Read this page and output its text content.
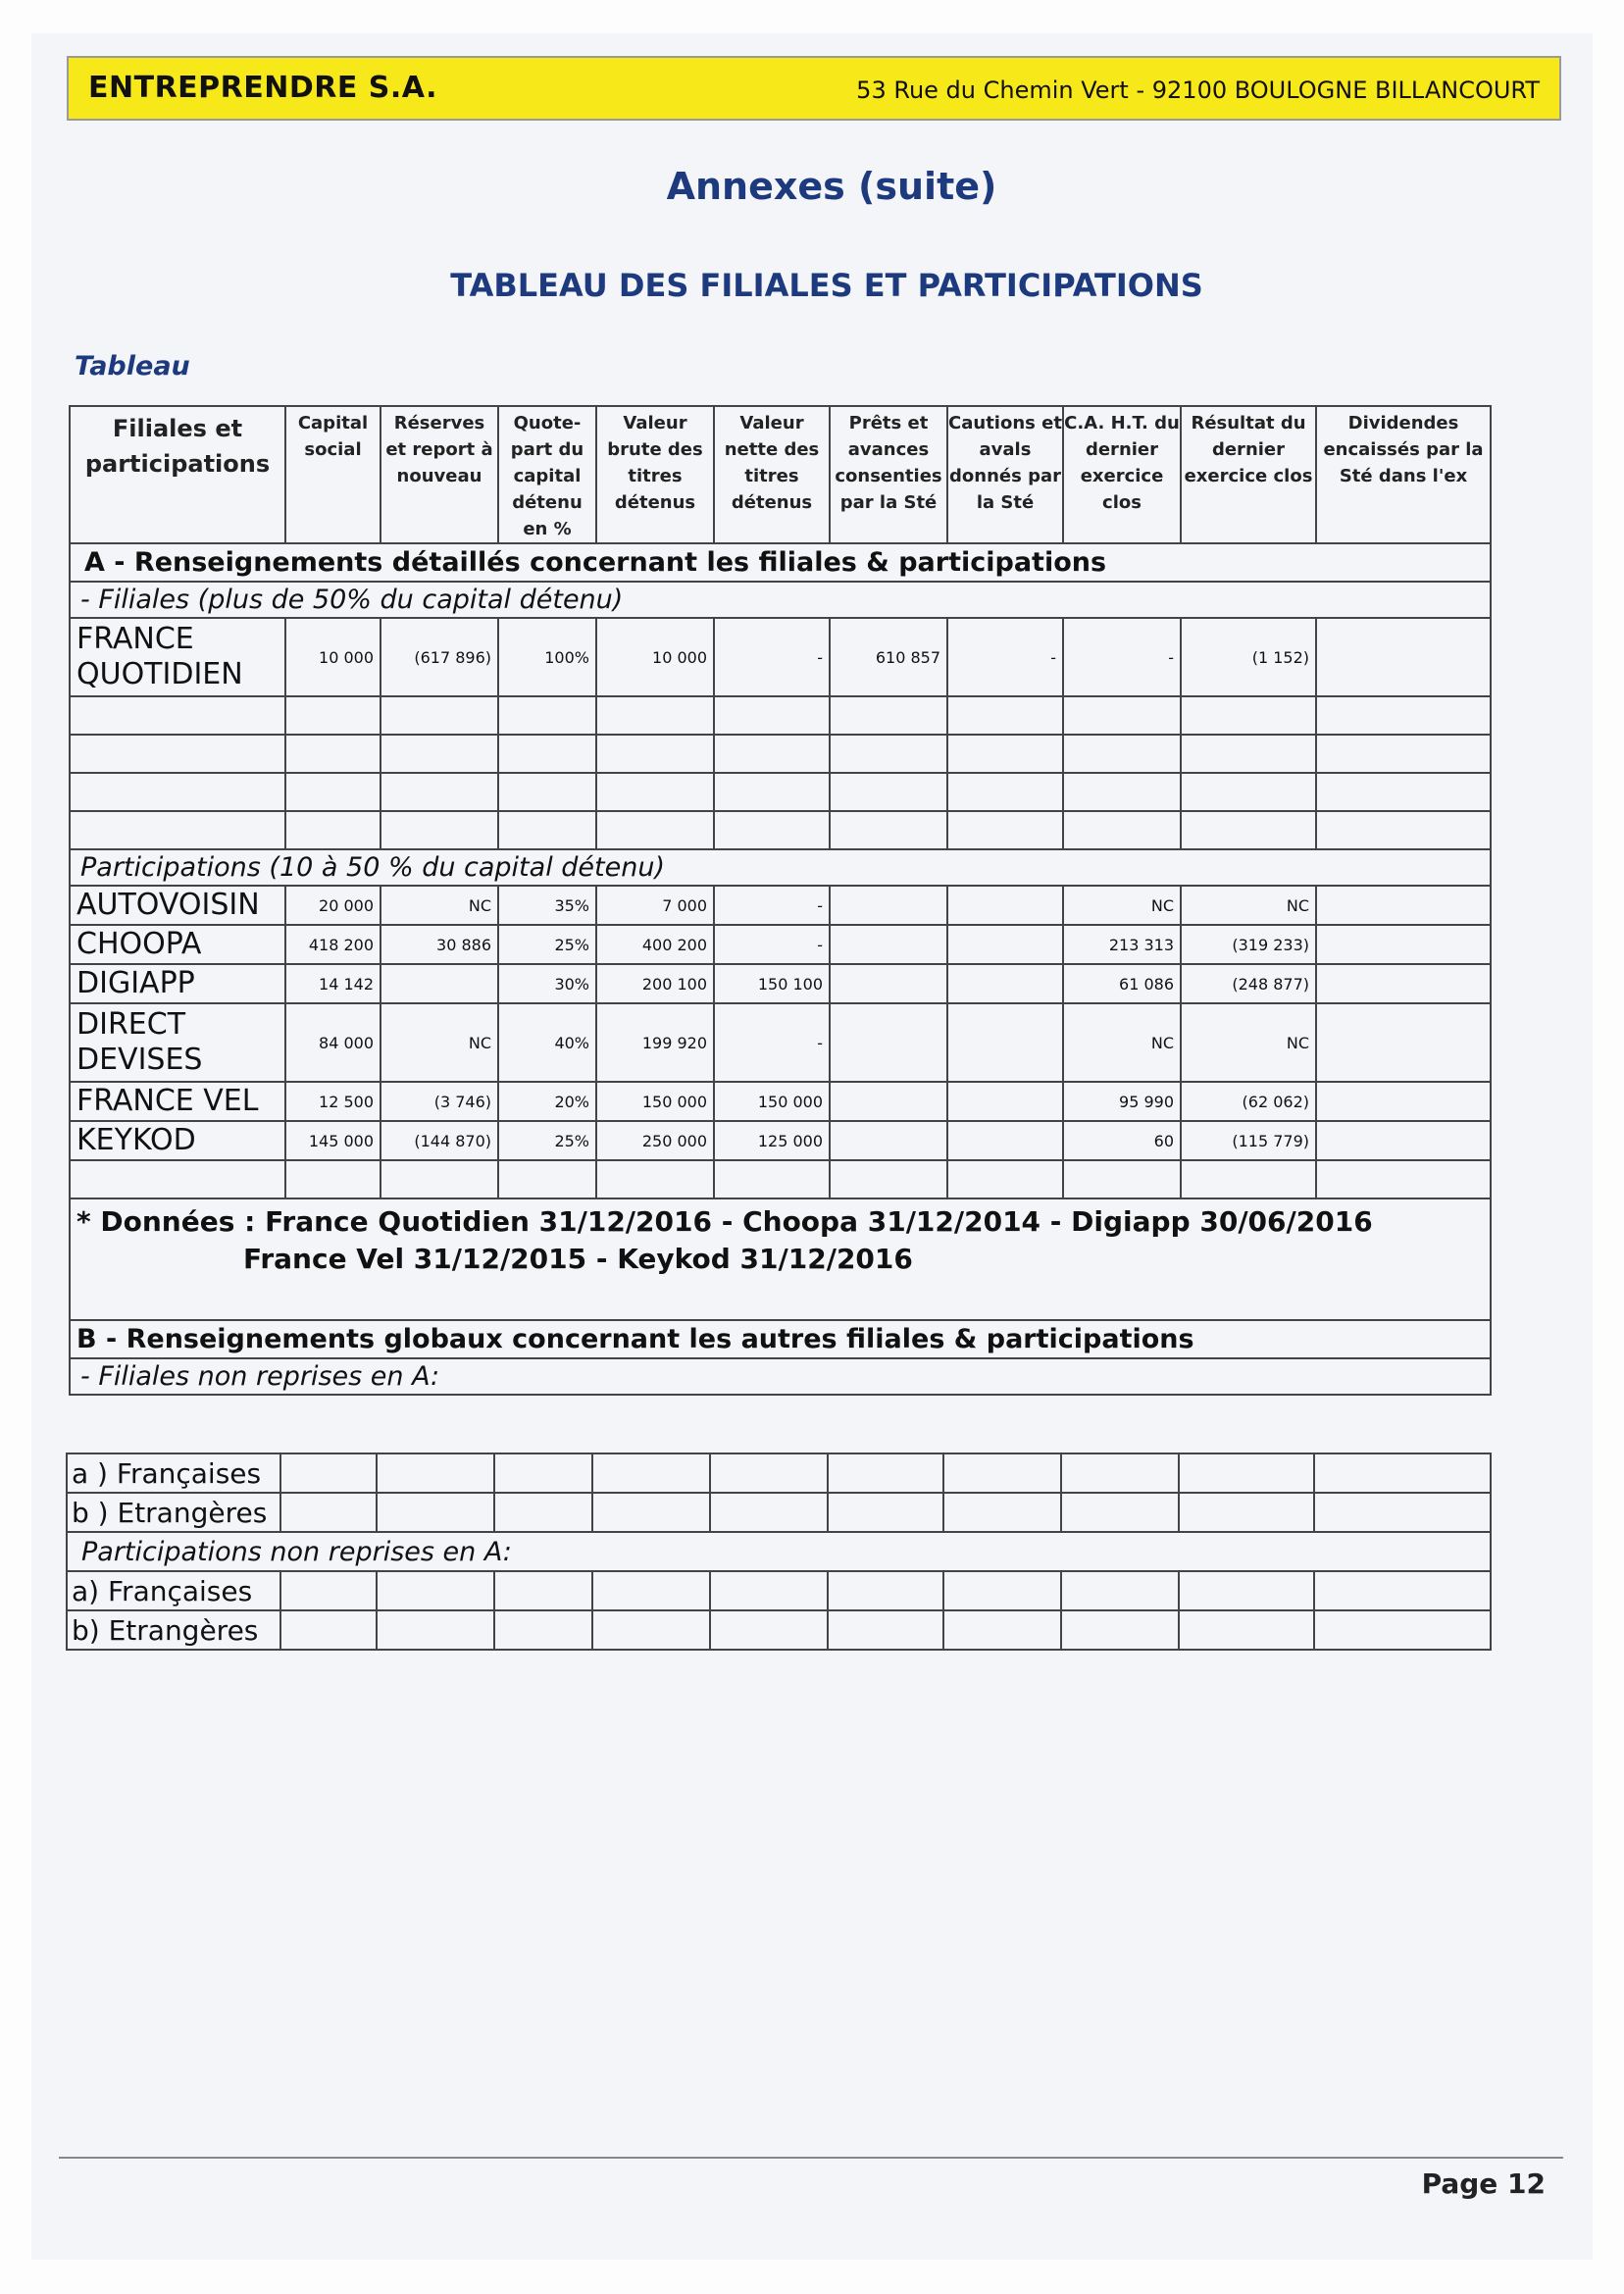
ENTREPRENDRE S.A.	53 Rue du Chemin Vert - 92100 BOULOGNE BILLANCOURT
Annexes (suite)
TABLEAU DES FILIALES ET PARTICIPATIONS
Tableau
Filiales et participations	Capital social	Réserves et report à nouveau	Quote-part du capital détenu en %	Valeur brute des titres détenus	Valeur nette des titres détenus	Prêts et avances consenties par la Sté	Cautions et avals donnés par la Sté	C.A. H.T. du dernier exercice clos	Résultat du dernier exercice clos	Dividendes encaissés par la Sté dans l'ex
A - Renseignements détaillés concernant les filiales & participations										
- Filiales (plus de 50% du capital détenu)										
FRANCE
QUOTIDIEN	10 000	(617 896)	100%	10 000	-	610 857	-	-	(1 152)	

Participations (10 à 50 % du capital détenu)										
AUTOVOISIN	20 000	NC	35%	7 000	-			NC	NC	
CHOOPA	418 200	30 886	25%	400 200	-			213 313	(319 233)	
DIGIAPP	14 142		30%	200 100	150 100			61 086	(248 877)	
DIRECT
DEVISES	84 000	NC	40%	199 920	-			NC	NC	
FRANCE VEL	12 500	(3 746)	20%	150 000	150 000			95 990	(62 062)	
KEYKOD	145 000	(144 870)	25%	250 000	125 000			60	(115 779)	

* Données : France Quotidien 31/12/2016 - Choopa 31/12/2014 - Digiapp 30/06/2016
France Vel 31/12/2015 - Keykod 31/12/2016										

B - Renseignements globaux concernant les autres filiales & participations										
- Filiales non reprises en A:										
a ) Françaises										
b ) Etrangères										
Participations non reprises en A:										
a) Françaises										
b) Etrangères										
Page 12
